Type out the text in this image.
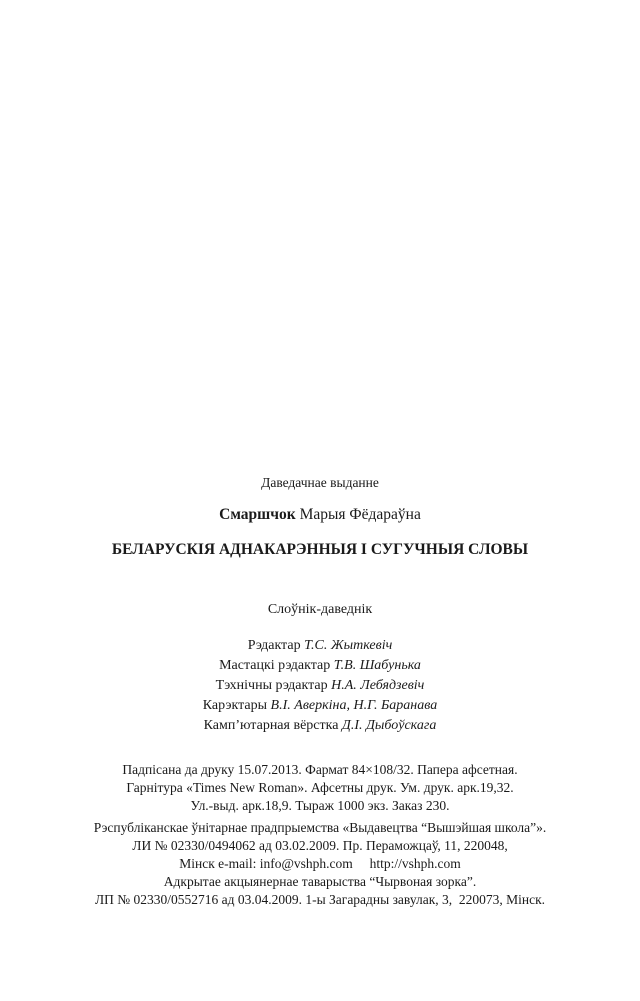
Даведачнае выданне
Смаршчок Марыя Фёдараўна
БЕЛАРУСКІЯ АДНАКАРЭННЫЯ І СУГУЧНЫЯ СЛОВЫ
Слоўнік-даведнік
Рэдактар Т.С. Жыткевіч
Мастацкі рэдактар Т.В. Шабунька
Тэхнічны рэдактар Н.А. Лебядзевіч
Карэктары В.І. Аверкіна, Н.Г. Баранава
Камп’ютарная вёрстка Д.І. Дыбоўскага
Падпісана да друку 15.07.2013. Фармат 84×108/32. Папера афсетная.
Гарнітура «Times New Roman». Афсетны друк. Ум. друк. арк.19,32.
Ул.-выд. арк.18,9. Тыраж 1000 экз. Заказ 230.
Рэспубліканскае ўнітарнае прадпрыемства «Выдавецтва “Вышэйшая школа”».
ЛИ № 02330/0494062 ад 03.02.2009. Пр. Пераможцаў, 11, 220048,
Мінск e-mail: info@vshph.com     http://vshph.com
Адкрытае акцыянернае таварыства “Чырвоная зорка”.
ЛП № 02330/0552716 ад 03.04.2009. 1-ы Загарадны завулак, 3,  220073, Мінск.
